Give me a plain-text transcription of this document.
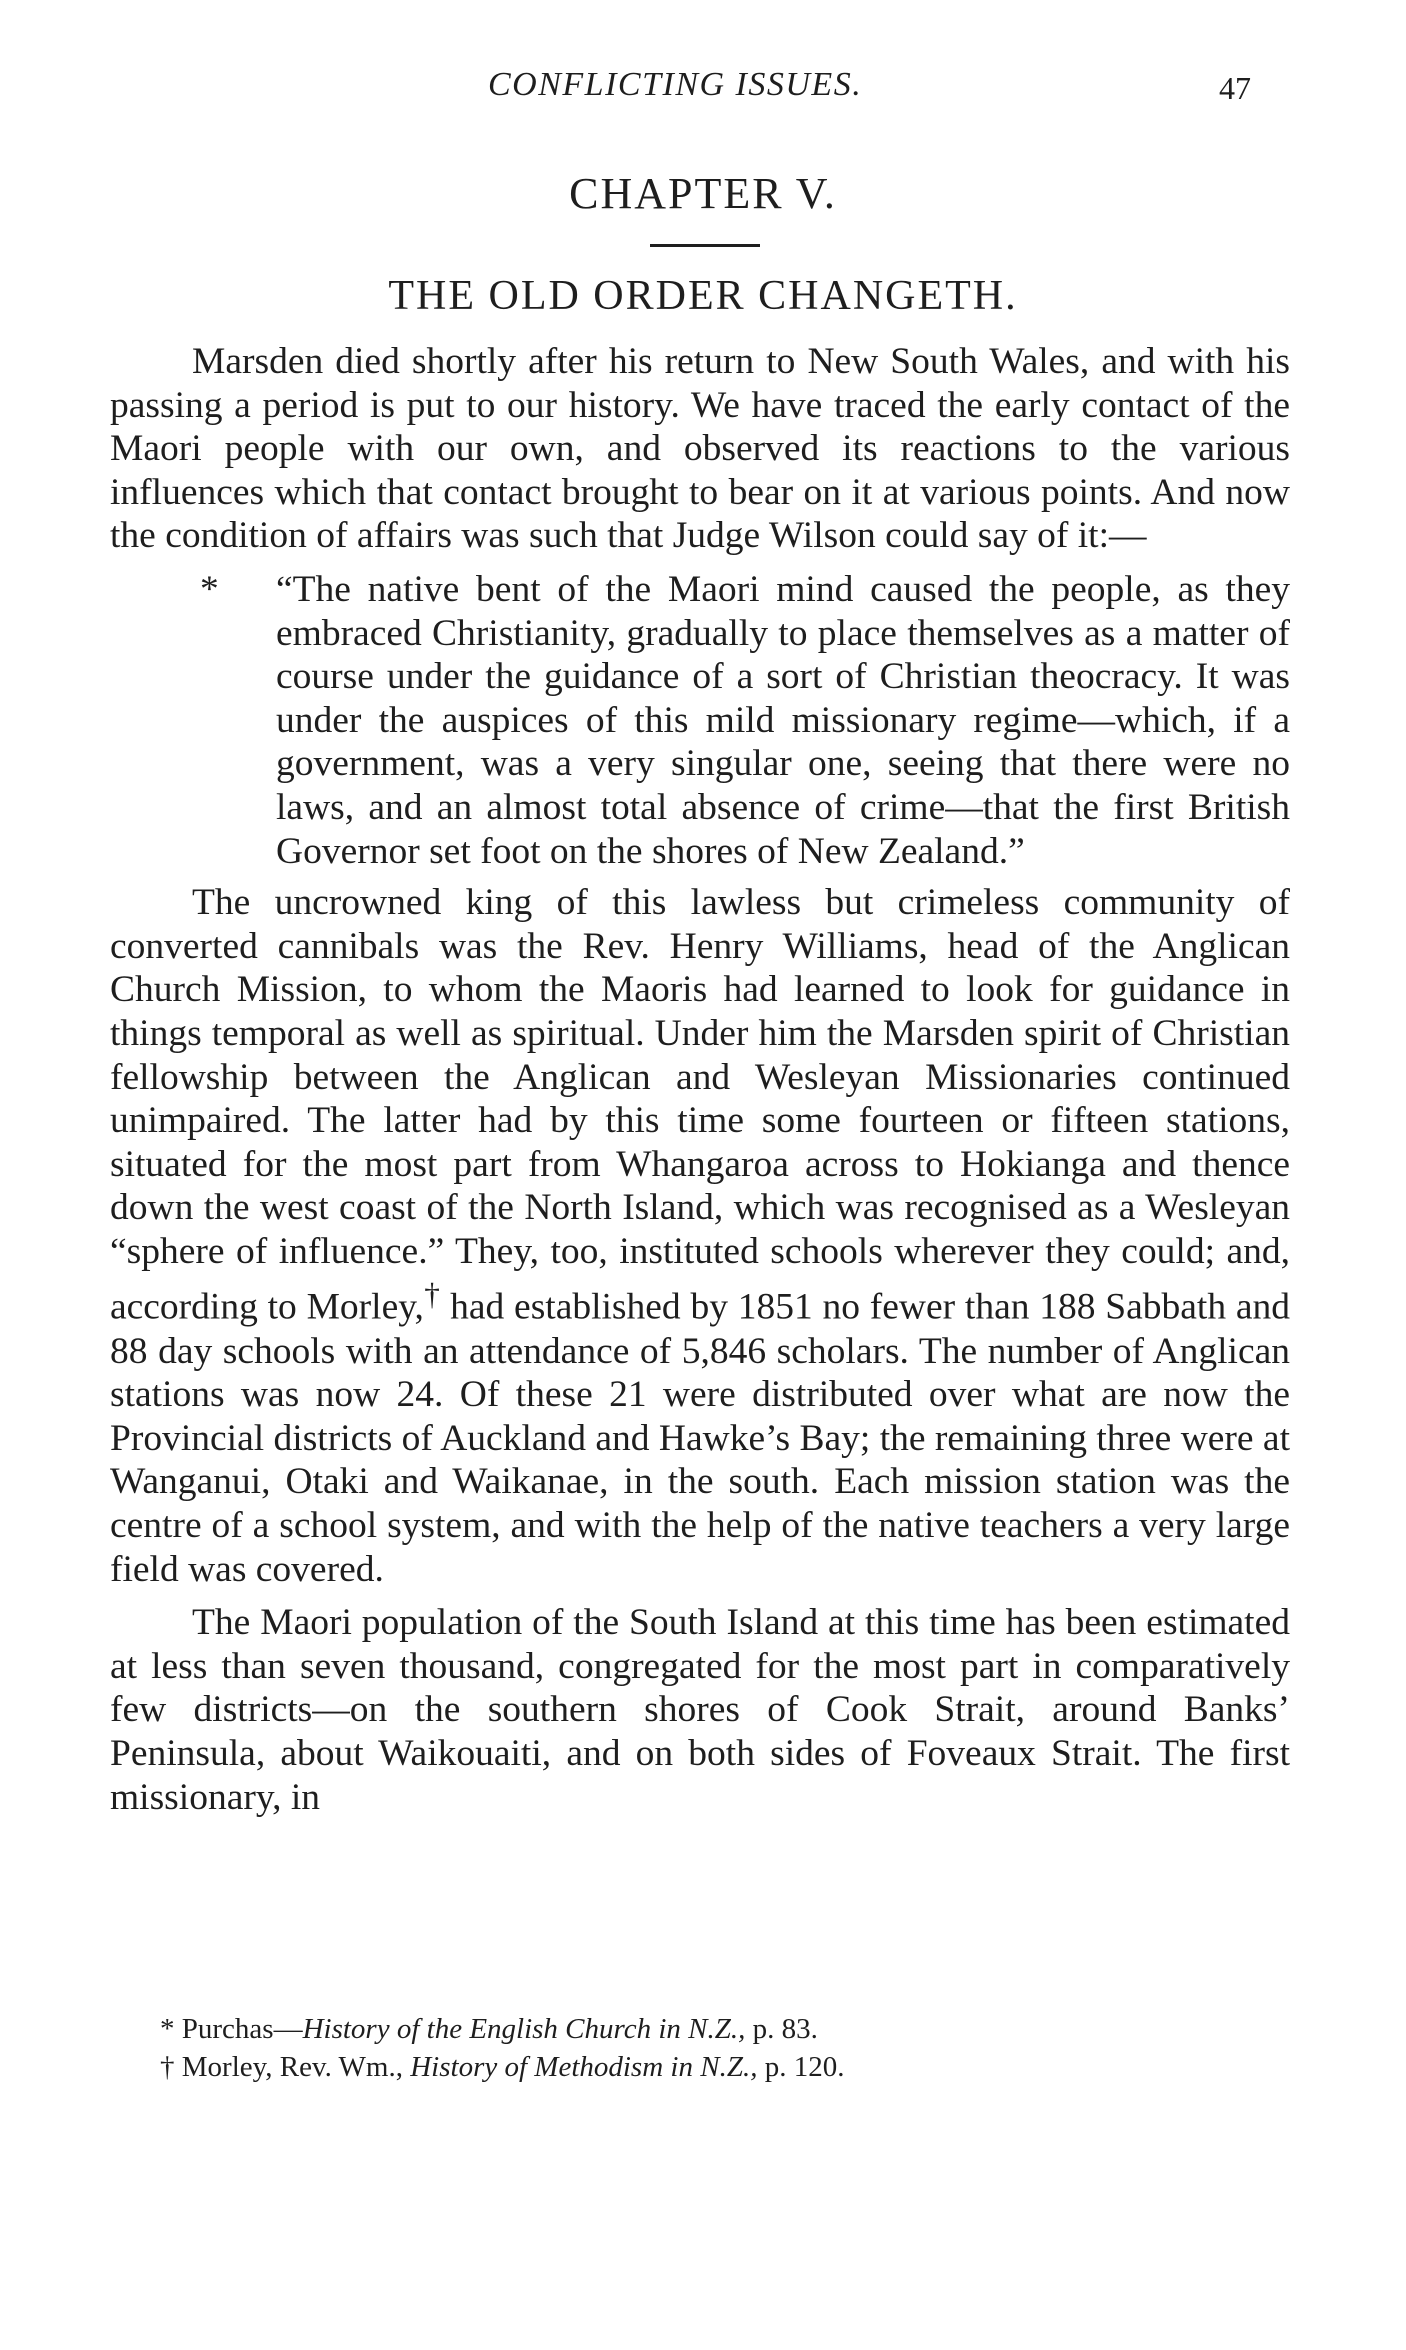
CONFLICTING ISSUES.	47
CHAPTER V.
THE OLD ORDER CHANGETH.

Marsden died shortly after his return to New South Wales, and with his passing a period is put to our history. We have traced the early contact of the Maori people with our own, and observed its reactions to the various influences which that contact brought to bear on it at various points. And now the condition of affairs was such that Judge Wilson could say of it:—

* “The native bent of the Maori mind caused the people, as they embraced Christianity, gradually to place themselves as a matter of course under the guidance of a sort of Christian theocracy. It was under the auspices of this mild missionary regime—which, if a government, was a very singular one, seeing that there were no laws, and an almost total absence of crime—that the first British Governor set foot on the shores of New Zealand.”

The uncrowned king of this lawless but crimeless community of converted cannibals was the Rev. Henry Williams, head of the Anglican Church Mission, to whom the Maoris had learned to look for guidance in things temporal as well as spiritual. Under him the Marsden spirit of Christian fellowship between the Anglican and Wesleyan Missionaries continued unimpaired. The latter had by this time some fourteen or fifteen stations, situated for the most part from Whangaroa across to Hokianga and thence down the west coast of the North Island, which was recognised as a Wesleyan “sphere of influence.” They, too, instituted schools wherever they could; and, according to Morley,† had established by 1851 no fewer than 188 Sabbath and 88 day schools with an attendance of 5,846 scholars. The number of Anglican stations was now 24. Of these 21 were distributed over what are now the Provincial districts of Auckland and Hawke’s Bay; the remaining three were at Wanganui, Otaki and Waikanae, in the south. Each mission station was the centre of a school system, and with the help of the native teachers a very large field was covered.

The Maori population of the South Island at this time has been estimated at less than seven thousand, congregated for the most part in comparatively few districts—on the southern shores of Cook Strait, around Banks’ Peninsula, about Waikouaiti, and on both sides of Foveaux Strait. The first missionary, in

* Purchas—History of the English Church in N.Z., p. 83.

† Morley, Rev. Wm., History of Methodism in N.Z., p. 120.
